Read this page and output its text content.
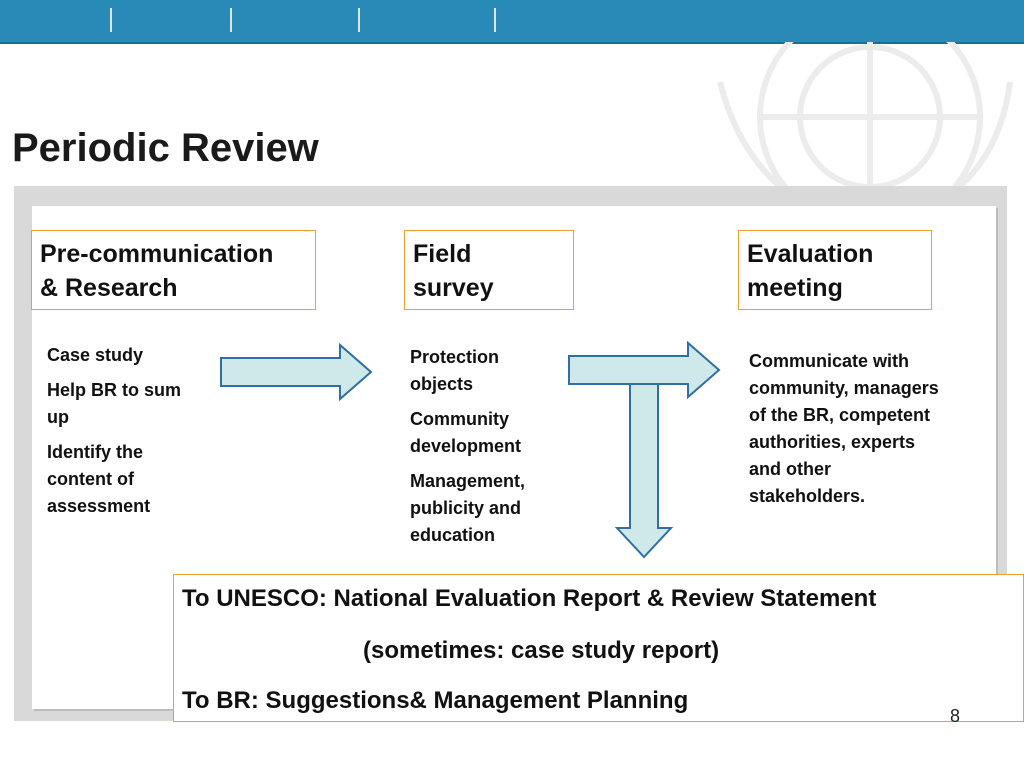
Periodic Review
Pre-communication
& Research
Field
survey
Evaluation
meeting

Case study

Help BR to sum up

Identify the content of assessment

Protection objects

Community development

Management, publicity and education

Communicate with community, managers of the BR, competent authorities, experts and other stakeholders.

To UNESCO: National Evaluation Report & Review Statement
(sometimes: case study report)
To BR: Suggestions& Management Planning
8
